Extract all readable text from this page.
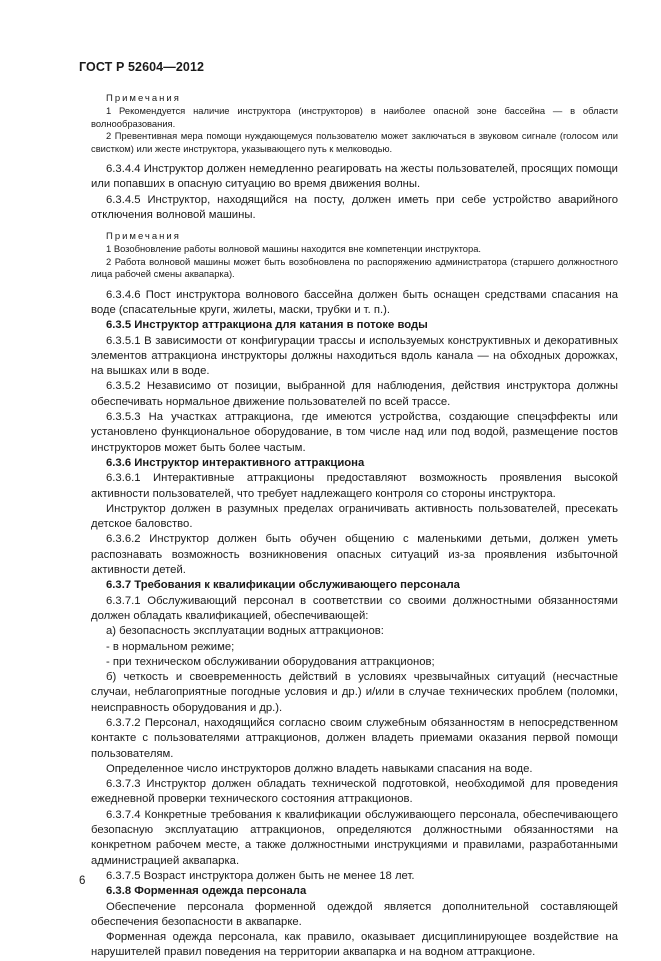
ГОСТ Р 52604—2012
Примечания
1 Рекомендуется наличие инструктора (инструкторов) в наиболее опасной зоне бассейна — в области волнообразования.
2 Превентивная мера помощи нуждающемуся пользователю может заключаться в звуковом сигнале (голосом или свистком) или жесте инструктора, указывающего путь к мелководью.
6.3.4.4 Инструктор должен немедленно реагировать на жесты пользователей, просящих помощи или попавших в опасную ситуацию во время движения волны.
6.3.4.5 Инструктор, находящийся на посту, должен иметь при себе устройство аварийного отключения волновой машины.
Примечания
1 Возобновление работы волновой машины находится вне компетенции инструктора.
2 Работа волновой машины может быть возобновлена по распоряжению администратора (старшего должностного лица рабочей смены аквапарка).
6.3.4.6 Пост инструктора волнового бассейна должен быть оснащен средствами спасания на воде (спасательные круги, жилеты, маски, трубки и т. п.).
6.3.5 Инструктор аттракциона для катания в потоке воды
6.3.5.1 В зависимости от конфигурации трассы и используемых конструктивных и декоративных элементов аттракциона инструкторы должны находиться вдоль канала — на обходных дорожках, на вышках или в воде.
6.3.5.2 Независимо от позиции, выбранной для наблюдения, действия инструктора должны обеспечивать нормальное движение пользователей по всей трассе.
6.3.5.3 На участках аттракциона, где имеются устройства, создающие спецэффекты или установлено функциональное оборудование, в том числе над или под водой, размещение постов инструкторов может быть более частым.
6.3.6 Инструктор интерактивного аттракциона
6.3.6.1 Интерактивные аттракционы предоставляют возможность проявления высокой активности пользователей, что требует надлежащего контроля со стороны инструктора.
Инструктор должен в разумных пределах ограничивать активность пользователей, пресекать детское баловство.
6.3.6.2 Инструктор должен быть обучен общению с маленькими детьми, должен уметь распознавать возможность возникновения опасных ситуаций из-за проявления избыточной активности детей.
6.3.7 Требования к квалификации обслуживающего персонала
6.3.7.1 Обслуживающий персонал в соответствии со своими должностными обязанностями должен обладать квалификацией, обеспечивающей:
а) безопасность эксплуатации водных аттракционов:
- в нормальном режиме;
- при техническом обслуживании оборудования аттракционов;
б) четкость и своевременность действий в условиях чрезвычайных ситуаций (несчастные случаи, неблагоприятные погодные условия и др.) и/или в случае технических проблем (поломки, неисправность оборудования и др.).
6.3.7.2 Персонал, находящийся согласно своим служебным обязанностям в непосредственном контакте с пользователями аттракционов, должен владеть приемами оказания первой помощи пользователям.
Определенное число инструкторов должно владеть навыками спасания на воде.
6.3.7.3 Инструктор должен обладать технической подготовкой, необходимой для проведения ежедневной проверки технического состояния аттракционов.
6.3.7.4 Конкретные требования к квалификации обслуживающего персонала, обеспечивающего безопасную эксплуатацию аттракционов, определяются должностными обязанностями на конкретном рабочем месте, а также должностными инструкциями и правилами, разработанными администрацией аквапарка.
6.3.7.5 Возраст инструктора должен быть не менее 18 лет.
6.3.8 Форменная одежда персонала
Обеспечение персонала форменной одеждой является дополнительной составляющей обеспечения безопасности в аквапарке.
Форменная одежда персонала, как правило, оказывает дисциплинирующее воздействие на нарушителей правил поведения на территории аквапарка и на водном аттракционе.
6
